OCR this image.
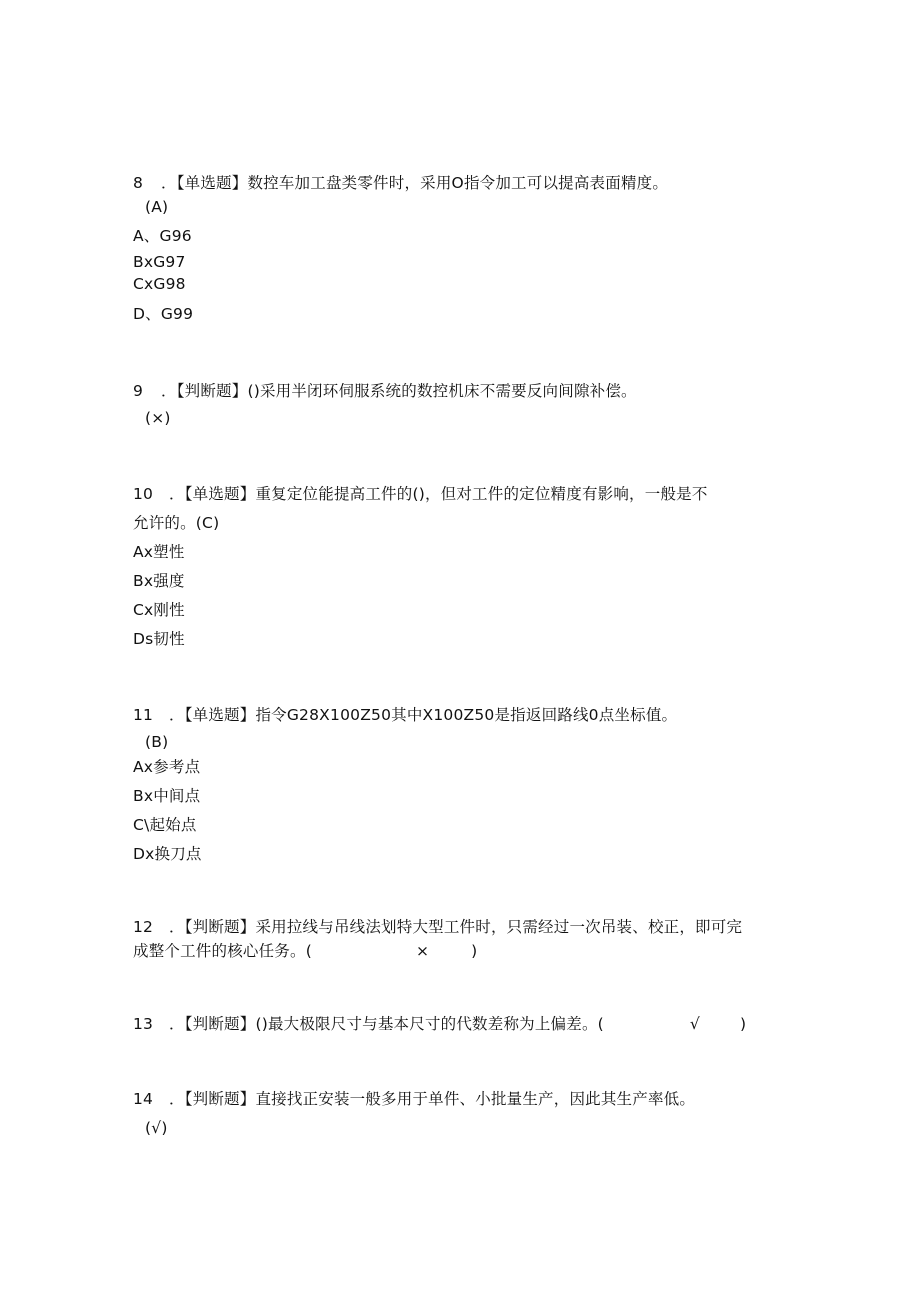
8 ．【单选题】数控车加工盘类零件时，采用O指令加工可以提高表面精度。
(A)
A、G96
BxG97
CxG98
D、G99
9 ．【判断题】()采用半闭环伺服系统的数控机床不需要反向间隙补偿。
(×)
10 ．【单选题】重复定位能提高工件的()，但对工件的定位精度有影响，一般是不
允许的。(C)
Ax塑性
Bx强度
Cx刚性
Ds韧性
11 ．【单选题】指令G28X100Z50其中X100Z50是指返回路线0点坐标值。
(B)
Ax参考点
Bx中间点
C\起始点
Dx换刀点
12 ．【判断题】采用拉线与吊线法划特大型工件时，只需经过一次吊装、校正，即可完
成整个工件的核心任务。(	×	)
13 ．【判断题】()最大极限尺寸与基本尺寸的代数差称为上偏差。(	√	)
14 ．【判断题】直接找正安装一般多用于单件、小批量生产，因此其生产率低。
(√)
